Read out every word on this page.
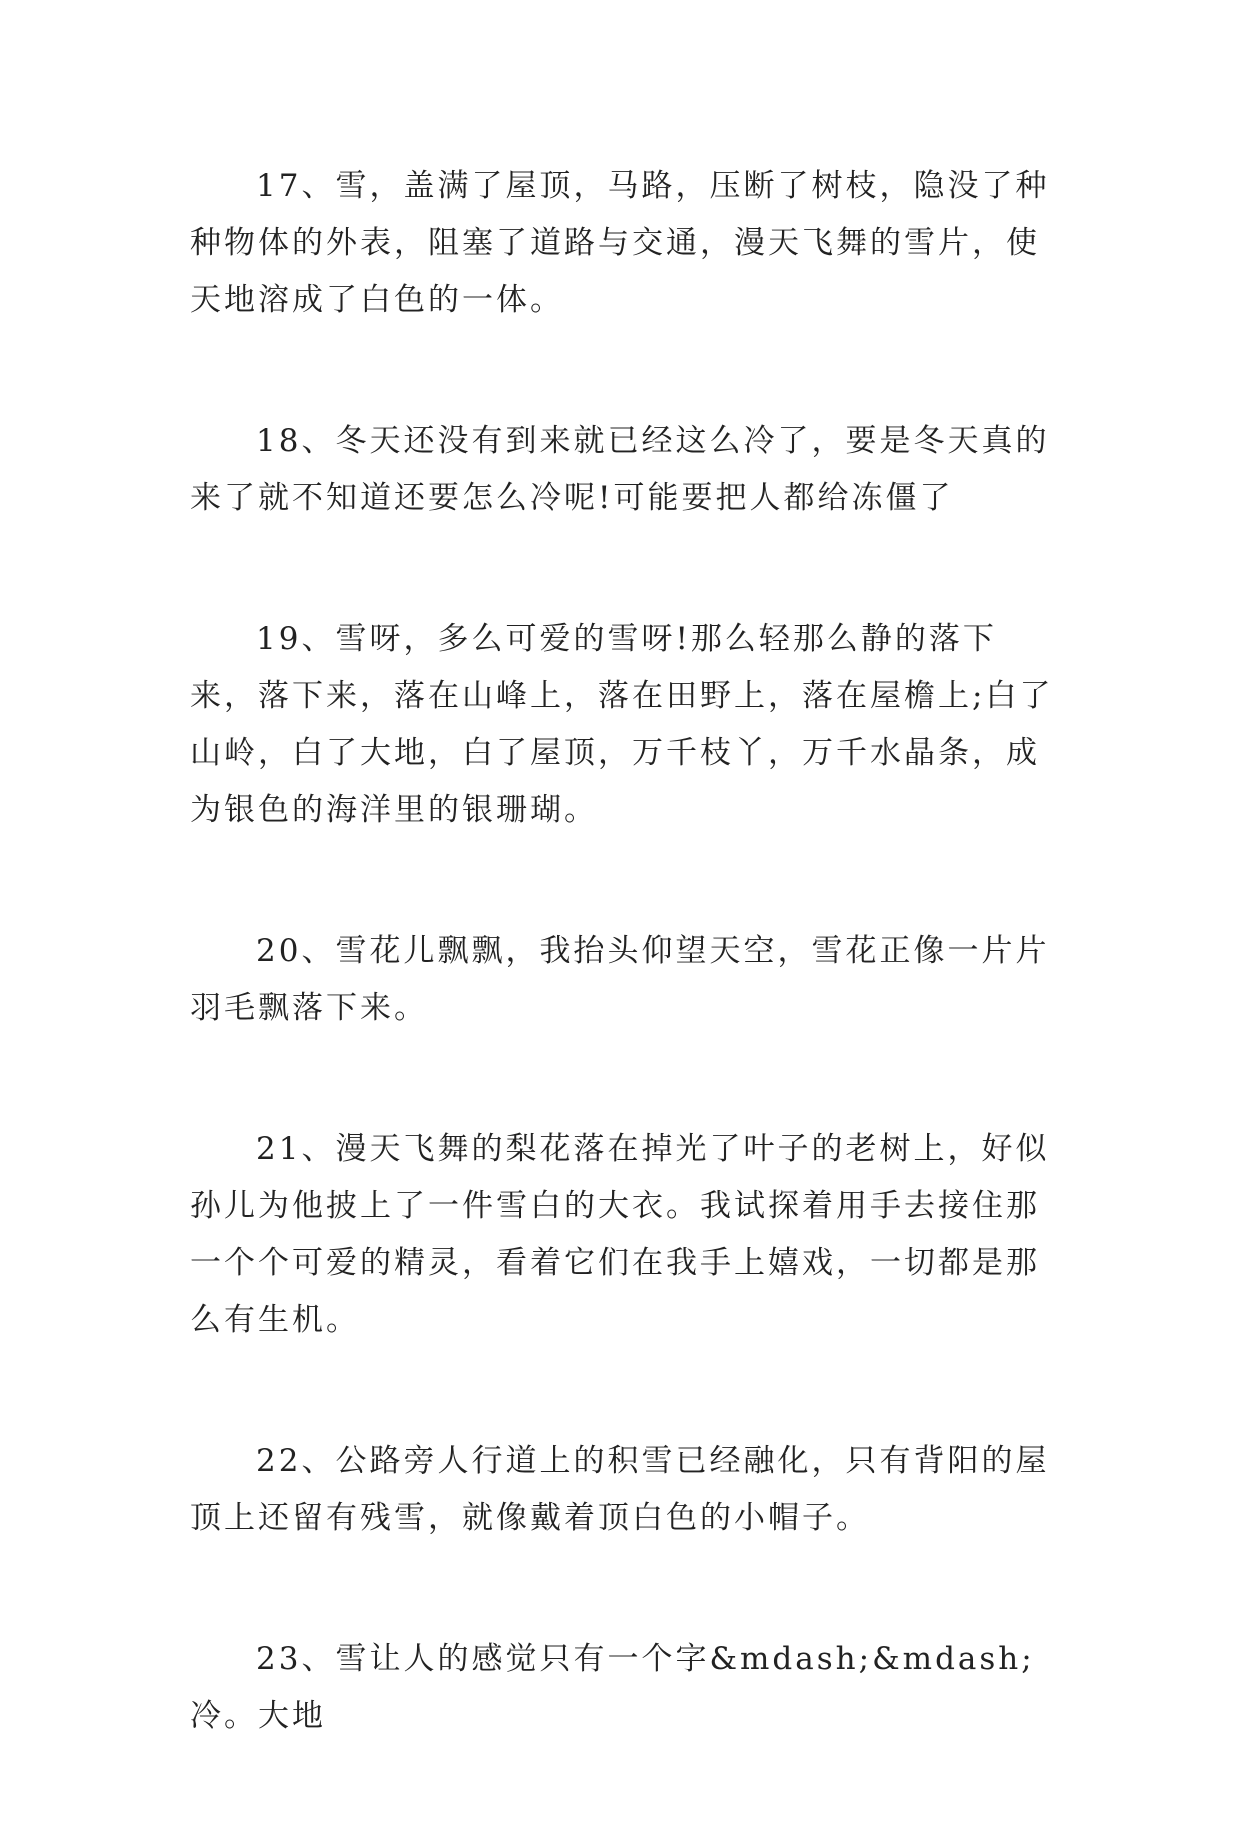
17、雪，盖满了屋顶，马路，压断了树枝，隐没了种种物体的外表，阻塞了道路与交通，漫天飞舞的雪片，使天地溶成了白色的一体。

18、冬天还没有到来就已经这么冷了，要是冬天真的来了就不知道还要怎么冷呢!可能要把人都给冻僵了

19、雪呀，多么可爱的雪呀!那么轻那么静的落下来，落下来，落在山峰上，落在田野上，落在屋檐上;白了山岭，白了大地，白了屋顶，万千枝丫，万千水晶条，成为银色的海洋里的银珊瑚。

20、雪花儿飘飘，我抬头仰望天空，雪花正像一片片羽毛飘落下来。

21、漫天飞舞的梨花落在掉光了叶子的老树上，好似孙儿为他披上了一件雪白的大衣。我试探着用手去接住那一个个可爱的精灵，看着它们在我手上嬉戏，一切都是那么有生机。

22、公路旁人行道上的积雪已经融化，只有背阳的屋顶上还留有残雪，就像戴着顶白色的小帽子。

23、雪让人的感觉只有一个字&mdash;&mdash;冷。大地
